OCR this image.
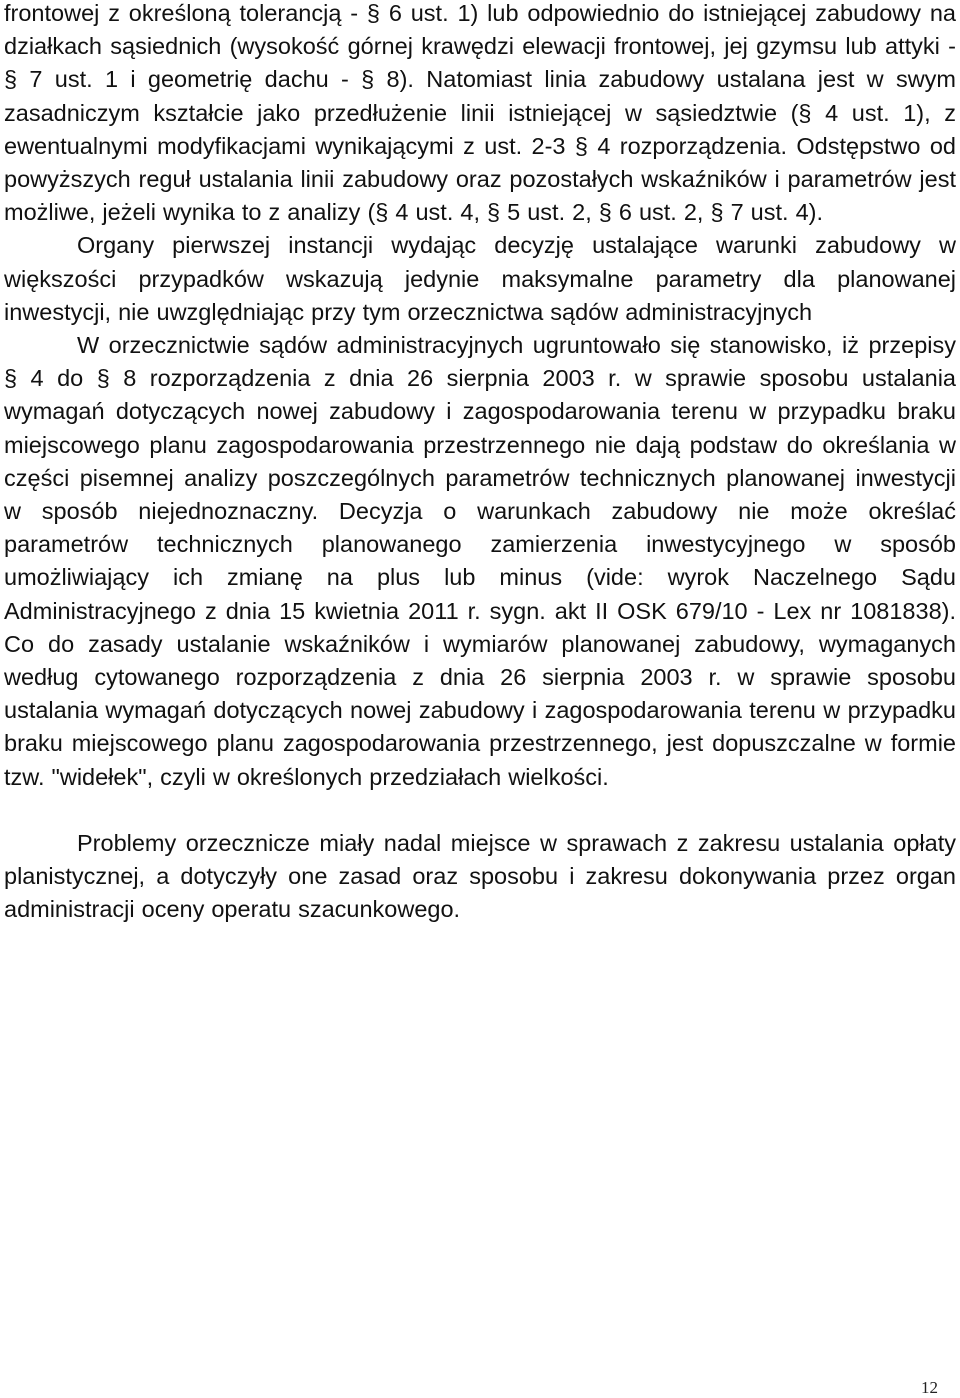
frontowej z określoną tolerancją - § 6 ust. 1) lub odpowiednio do istniejącej zabudowy na działkach sąsiednich (wysokość górnej krawędzi elewacji frontowej, jej gzymsu lub attyki - § 7 ust. 1 i geometrię dachu - § 8). Natomiast linia zabudowy ustalana jest w swym zasadniczym kształcie jako przedłużenie linii istniejącej w sąsiedztwie (§ 4 ust. 1), z ewentualnymi modyfikacjami wynikającymi z ust. 2-3 § 4 rozporządzenia. Odstępstwo od powyższych reguł ustalania linii zabudowy oraz pozostałych wskaźników i parametrów jest możliwe, jeżeli wynika to z analizy (§ 4 ust. 4, § 5 ust. 2, § 6 ust. 2, § 7 ust. 4).

Organy pierwszej instancji wydając decyzję ustalające warunki zabudowy w większości przypadków wskazują jedynie maksymalne parametry dla planowanej inwestycji, nie uwzględniając przy tym orzecznictwa sądów administracyjnych

W orzecznictwie sądów administracyjnych ugruntowało się stanowisko, iż przepisy § 4 do § 8 rozporządzenia z dnia 26 sierpnia 2003 r. w sprawie sposobu ustalania wymagań dotyczących nowej zabudowy i zagospodarowania terenu w przypadku braku miejscowego planu zagospodarowania przestrzennego nie dają podstaw do określania w części pisemnej analizy poszczególnych parametrów technicznych planowanej inwestycji w sposób niejednoznaczny. Decyzja o warunkach zabudowy nie może określać parametrów technicznych planowanego zamierzenia inwestycyjnego w sposób umożliwiający ich zmianę na plus lub minus (vide: wyrok Naczelnego Sądu Administracyjnego z dnia 15 kwietnia 2011 r. sygn. akt II OSK 679/10 - Lex nr 1081838). Co do zasady ustalanie wskaźników i wymiarów planowanej zabudowy, wymaganych według cytowanego rozporządzenia z dnia 26 sierpnia 2003 r. w sprawie sposobu ustalania wymagań dotyczących nowej zabudowy i zagospodarowania terenu w przypadku braku miejscowego planu zagospodarowania przestrzennego, jest dopuszczalne w formie tzw. "widełek", czyli w określonych przedziałach wielkości.

Problemy orzecznicze miały nadal miejsce w sprawach z zakresu ustalania opłaty planistycznej, a dotyczyły one zasad oraz sposobu i zakresu dokonywania przez organ administracji oceny operatu szacunkowego.

12
